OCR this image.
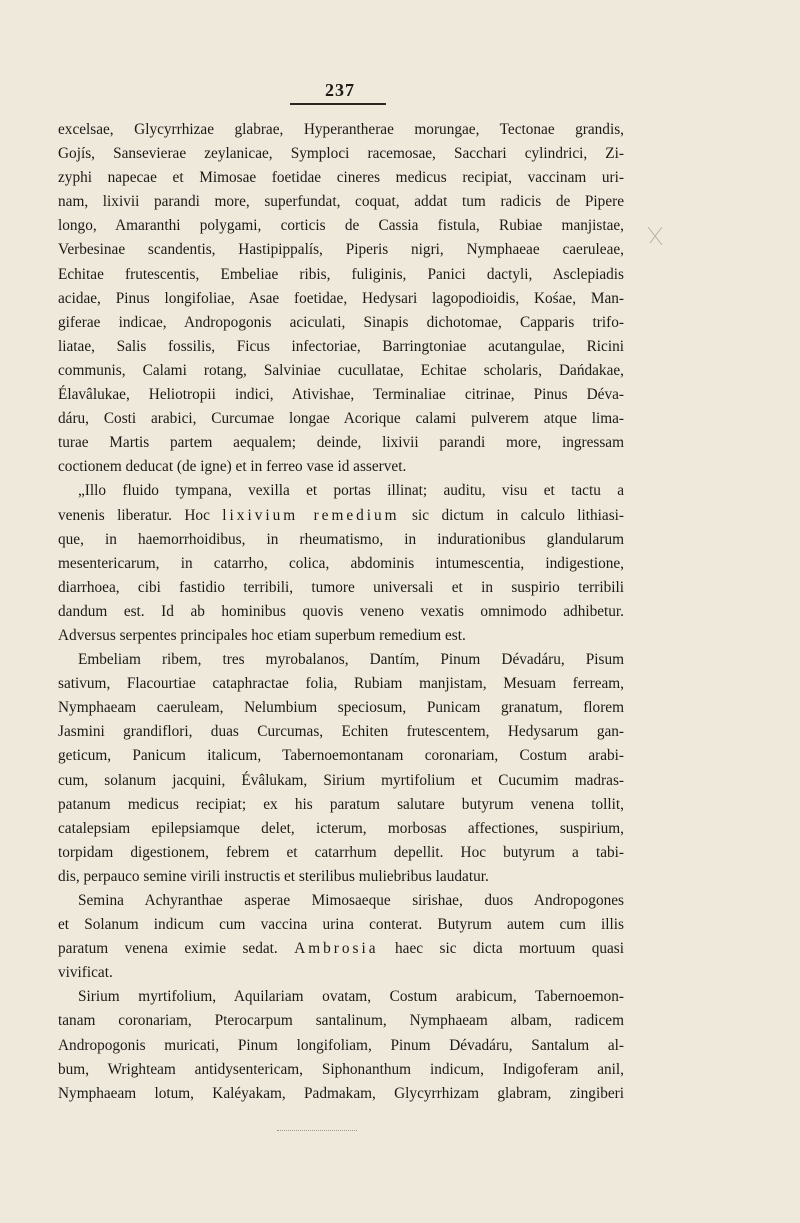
237
excelsae, Glycyrrhizae glabrae, Hyperantherae morungae, Tectonae grandis,
Gojís, Sansevierae zeylanicae, Symploci racemosae, Sacchari cylindrici, Zi-
zyphi napecae et Mimosae foetidae cineres medicus recipiat, vaccinam uri-
nam, lixivii parandi more, superfundat, coquat, addat tum radicis de Pipere
longo, Amaranthi polygami, corticis de Cassia fistula, Rubiae manjistae,
Verbesinae scandentis, Hastipippalís, Piperis nigri, Nymphaeae caeruleae,
Echitae frutescentis, Embeliae ribis, fuliginis, Panici dactyli, Asclepiadis
acidae, Pinus longifoliae, Asae foetidae, Hedysari lagopodioidis, Kośae, Man-
giferae indicae, Andropogonis aciculati, Sinapis dichotomae, Capparis trifo-
liatae, Salis fossilis, Ficus infectoriae, Barringtoniae acutangulae, Ricini
communis, Calami rotang, Salviniae cucullatae, Echitae scholaris, Dańdakae,
Élavâlukae, Heliotropii indici, Ativishae, Terminaliae citrinae, Pinus Déva-
dáru, Costi arabici, Curcumae longae Acorique calami pulverem atque lima-
turae Martis partem aequalem; deinde, lixivii parandi more, ingressam
coctionem deducat (de igne) et in ferreo vase id asservet.
„Illo fluido tympana, vexilla et portas illinat; auditu, visu et tactu a
venenis liberatur. Hoc lixivium remedium sic dictum in calculo lithiasi-
que, in haemorrhoidibus, in rheumatismo, in indurationibus glandularum
mesentericarum, in catarrho, colica, abdominis intumescentia, indigestione,
diarrhoea, cibi fastidio terribili, tumore universali et in suspirio terribili
dandum est. Id ab hominibus quovis veneno vexatis omnimodo adhibetur.
Adversus serpentes principales hoc etiam superbum remedium est.
Embeliam ribem, tres myrobalanos, Dantím, Pinum Dévadáru, Pisum
sativum, Flacourtiae cataphractae folia, Rubiam manjistam, Mesuam ferream,
Nymphaeam caeruleam, Nelumbium speciosum, Punicam granatum, florem
Jasmini grandiflori, duas Curcumas, Echiten frutescentem, Hedysarum gan-
geticum, Panicum italicum, Tabernoemontanam coronariam, Costum arabi-
cum, solanum jacquini, Évâlukam, Sirium myrtifolium et Cucumim madras-
patanum medicus recipiat; ex his paratum salutare butyrum venena tollit,
catalepsiam epilepsiamque delet, icterum, morbosas affectiones, suspirium,
torpidam digestionem, febrem et catarrhum depellit. Hoc butyrum a tabi-
dis, perpauco semine virili instructis et sterilibus muliebribus laudatur.
Semina Achyranthae asperae Mimosaeque sirishae, duos Andropogones
et Solanum indicum cum vaccina urina conterat. Butyrum autem cum illis
paratum venena eximie sedat. Ambrosia haec sic dicta mortuum quasi
vivificat.
Sirium myrtifolium, Aquilariam ovatam, Costum arabicum, Tabernoemon-
tanam coronariam, Pterocarpum santalinum, Nymphaeam albam, radicem
Andropogonis muricati, Pinum longifoliam, Pinum Dévadáru, Santalum al-
bum, Wrighteam antidysentericam, Siphonanthum indicum, Indigoferam anil,
Nymphaeam lotum, Kaléyakam, Padmakam, Glycyrrhizam glabram, zingiberi
